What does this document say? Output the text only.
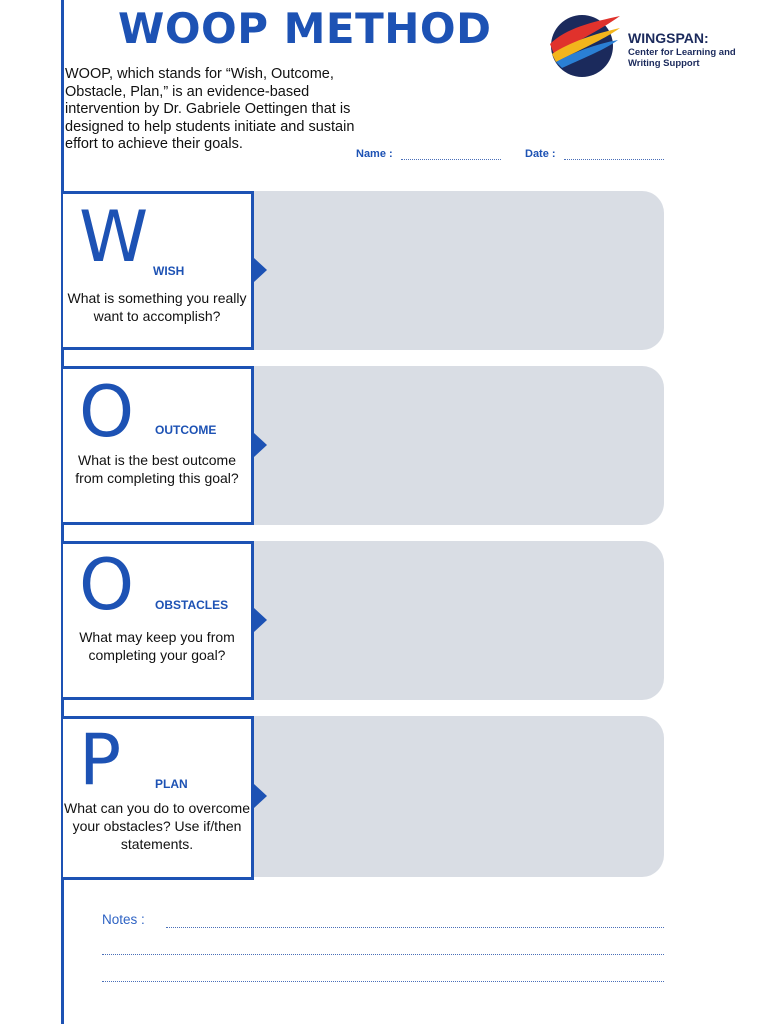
WOOP METHOD	WINGSPAN:
Center for Learning and Writing Support
WOOP, which stands for “Wish, Outcome, Obstacle, Plan,” is an evidence-based intervention by Dr. Gabriele Oettingen that is designed to help students initiate and sustain effort to achieve their goals.
Name :	Date :
W WISH
What is something you really want to accomplish?
O OUTCOME
What is the best outcome from completing this goal?
O OBSTACLES
What may keep you from completing your goal?
P	PLAN
What can you do to overcome your obstacles? Use if/then statements.
Notes :
